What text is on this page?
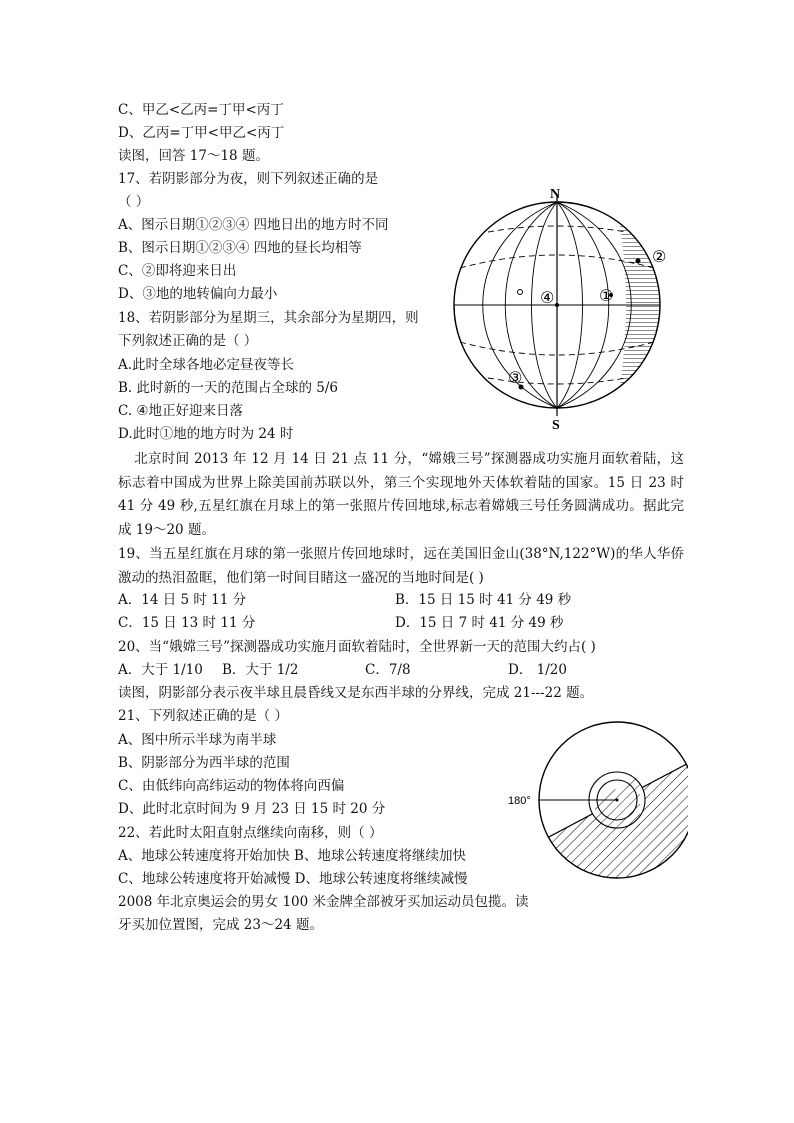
C、甲乙<乙丙=丁甲<丙丁
D、乙丙=丁甲<甲乙<丙丁
读图，回答 17～18 题。
17、若阴影部分为夜，则下列叙述正确的是
（ ）
A、图示日期①②③④ 四地日出的地方时不同
B、图示日期①②③④ 四地的昼长均相等
C、②即将迎来日出
D、③地的地转偏向力最小
18、若阴影部分为星期三，其余部分为星期四，则
下列叙述正确的是（ ）
A.此时全球各地必定昼夜等长
B. 此时新的一天的范围占全球的 5/6
C. ④地正好迎来日落
D.此时①地的地方时为 24 时
N
S
①
②
③
④
北京时间 2013 年 12 月 14 日 21 点 11 分，“嫦娥三号”探测器成功实施月面软着陆，这标志着中国成为世界上除美国前苏联以外，第三个实现地外天体软着陆的国家。15 日 23 时 41 分 49 秒,五星红旗在月球上的第一张照片传回地球,标志着嫦娥三号任务圆满成功。据此完成 19～20 题。
19、当五星红旗在月球的第一张照片传回地球时，远在美国旧金山(38°N,122°W)的华人华侨激动的热泪盈眶，他们第一时间目睹这一盛况的当地时间是( )
A．14 日 5 时 11 分	B．15 日 15 时 41 分 49 秒
C．15 日 13 时 11 分	D．15 日 7 时 41 分 49 秒
20、当“娥嫦三号”探测器成功实施月面软着陆时，全世界新一天的范围大约占( )
A．大于 1/10 B．大于 1/2	C．7/8	D． 1/20
读图，阴影部分表示夜半球且晨昏线又是东西半球的分界线，完成 21---22 题。
21、下列叙述正确的是（ ）
A、图中所示半球为南半球
B、阴影部分为西半球的范围
C、由低纬向高纬运动的物体将向西偏
D、此时北京时间为 9 月 23 日 15 时 20 分
22、若此时太阳直射点继续向南移，则（ ）
A、地球公转速度将开始加快 B、地球公转速度将继续加快
C、地球公转速度将开始减慢 D、地球公转速度将继续减慢
2008 年北京奥运会的男女 100 米金牌全部被牙买加运动员包揽。读
牙买加位置图，完成 23～24 题。
180°
